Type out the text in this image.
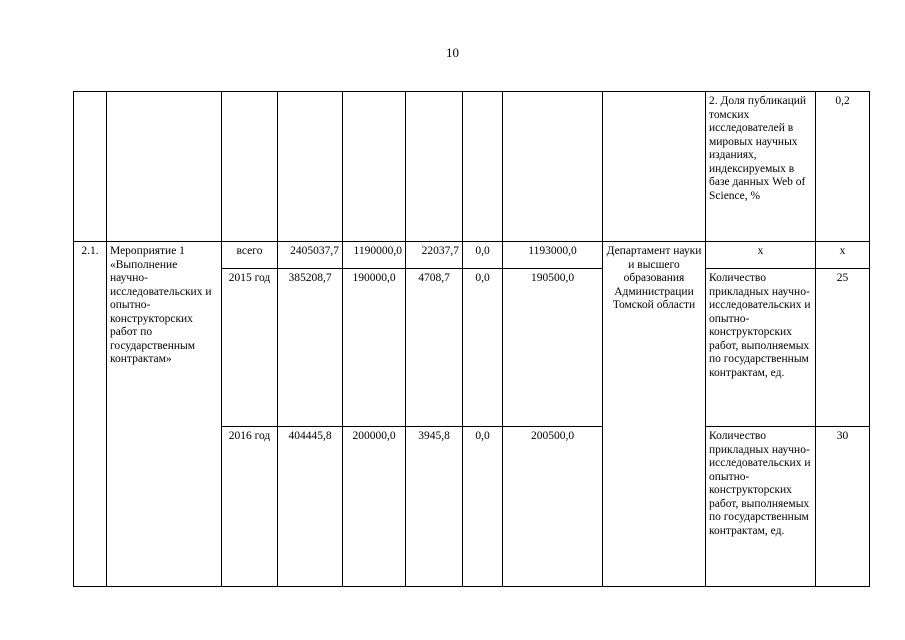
10
									2. Доля публикаций томских исследователей в мировых научных изданиях, индексируемых в базе данных Web of Science, %	0,2
2.1.	Мероприятие 1 «Выполнение научно-исследовательских и опытно-конструкторских работ по государственным контрактам»	всего	2405037,7	1190000,0	22037,7	0,0	1193000,0	Департамент науки и высшего образования Администрации Томской области	х	х
		2015 год	385208,7	190000,0	4708,7	0,0	190500,0		Количество прикладных научно-исследовательских и опытно-конструкторских работ, выполняемых по государственным контрактам, ед.	25
		2016 год	404445,8	200000,0	3945,8	0,0	200500,0		Количество прикладных научно-исследовательских и опытно-конструкторских работ, выполняемых по государственным контрактам, ед.	30
